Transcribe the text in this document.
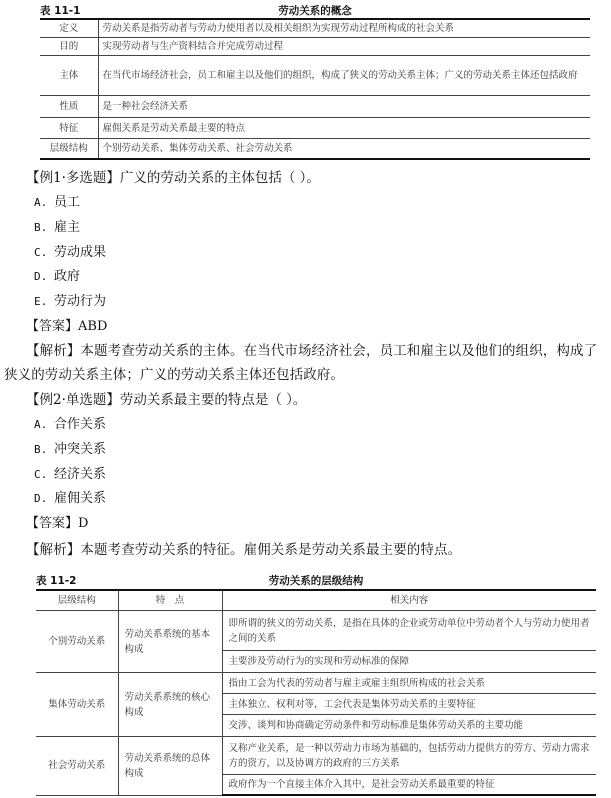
表 11-1	劳动关系的概念
定义	劳动关系是指劳动者与劳动力使用者以及相关组织为实现劳动过程所构成的社会关系
目的	实现劳动者与生产资料结合并完成劳动过程
主体	在当代市场经济社会，员工和雇主以及他们的组织，构成了狭义的劳动关系主体；广义的劳动关系主体还包括政府
性质	是一种社会经济关系
特征	雇佣关系是劳动关系最主要的特点
层级结构	个别劳动关系、集体劳动关系、社会劳动关系
【例1·多选题】广义的劳动关系的主体包括（ ）。
A. 员工
B. 雇主
C. 劳动成果
D. 政府
E. 劳动行为
【答案】ABD
【解析】本题考查劳动关系的主体。在当代市场经济社会，员工和雇主以及他们的组织，构成了狭义的劳动关系主体；广义的劳动关系主体还包括政府。
【例2·单选题】劳动关系最主要的特点是（ ）。
A. 合作关系
B. 冲突关系
C. 经济关系
D. 雇佣关系
【答案】D
【解析】本题考查劳动关系的特征。雇佣关系是劳动关系最主要的特点。
表 11-2	劳动关系的层级结构
层级结构	特　点	相关内容
个别劳动关系	劳动关系系统的基本构成	即所谓的狭义的劳动关系，是指在具体的企业或劳动单位中劳动者个人与劳动力使用者之间的关系
		主要涉及劳动行为的实现和劳动标准的保障
集体劳动关系	劳动关系系统的核心构成	指由工会为代表的劳动者与雇主或雇主组织所构成的社会关系
		主体独立、权利对等，工会代表是集体劳动关系的主要特征
		交涉、谈判和协商确定劳动条件和劳动标准是集体劳动关系的主要功能
社会劳动关系	劳动关系系统的总体构成	又称产业关系，是一种以劳动力市场为基础的，包括劳动力提供方的劳方、劳动力需求方的资方，以及协调方的政府的三方关系
		政府作为一个直接主体介入其中，是社会劳动关系最重要的特征
